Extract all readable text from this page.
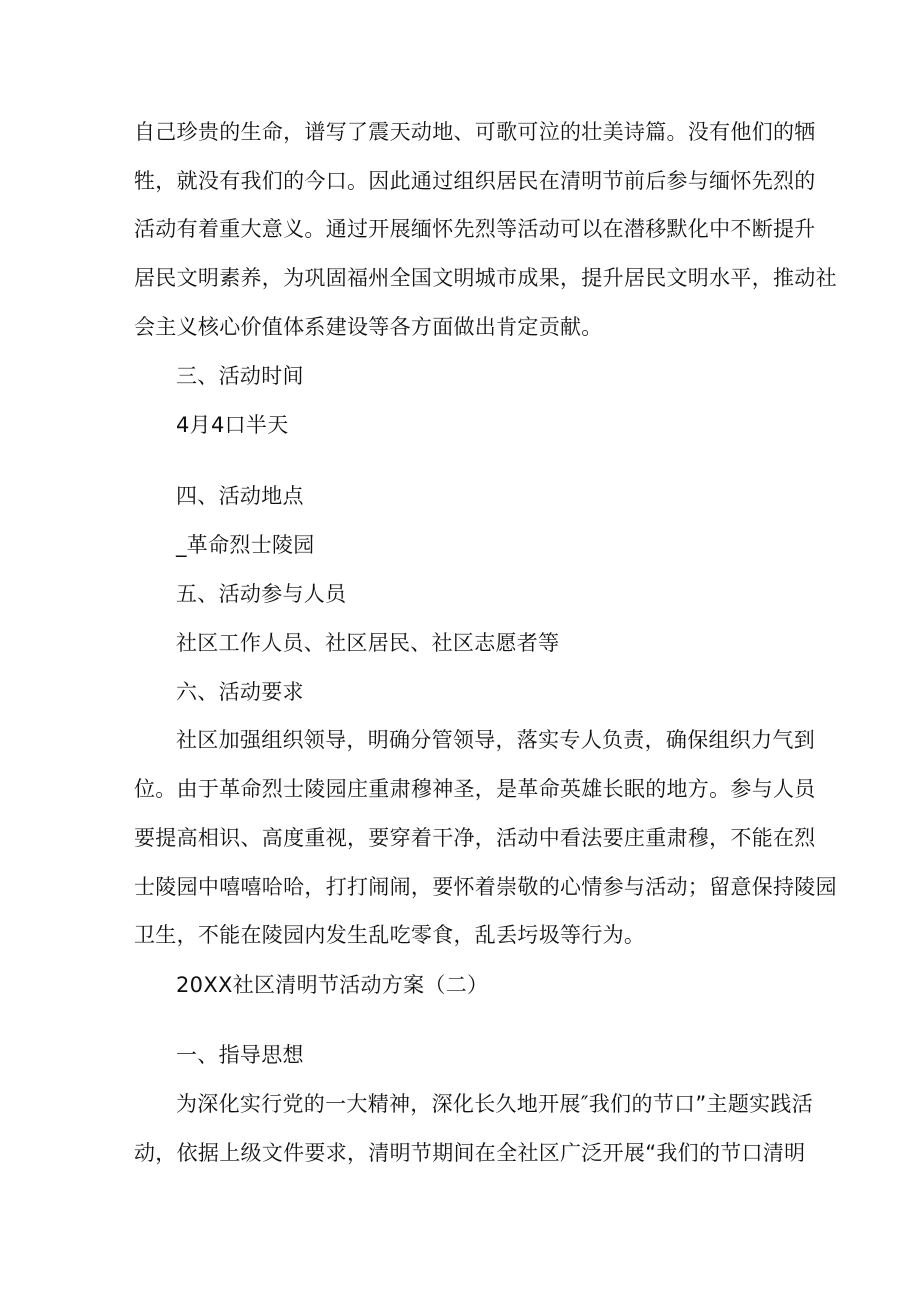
自己珍贵的生命，谱写了震天动地、可歌可泣的壮美诗篇。没有他们的牺
牲，就没有我们的今口。因此通过组织居民在清明节前后参与缅怀先烈的
活动有着重大意义。通过开展缅怀先烈等活动可以在潜移默化中不断提升
居民文明素养，为巩固福州全国文明城市成果，提升居民文明水平，推动社
会主义核心价值体系建设等各方面做出肯定贡献。
三、活动时间
4月4口半天
四、活动地点
_革命烈士陵园
五、活动参与人员
社区工作人员、社区居民、社区志愿者等
六、活动要求
社区加强组织领导，明确分管领导，落实专人负责，确保组织力气到
位。由于革命烈士陵园庄重肃穆神圣，是革命英雄长眠的地方。参与人员
要提高相识、高度重视，要穿着干净，活动中看法要庄重肃穆，不能在烈
士陵园中嘻嘻哈哈，打打闹闹，要怀着崇敬的心情参与活动；留意保持陵园
卫生，不能在陵园内发生乱吃零食，乱丢圬圾等行为。
20XX社区清明节活动方案（二）
一、指导思想
为深化实行党的一大精神，深化长久地开展″我们的节口”主题实践活
动，依据上级文件要求，清明节期间在全社区广泛开展“我们的节口清明
